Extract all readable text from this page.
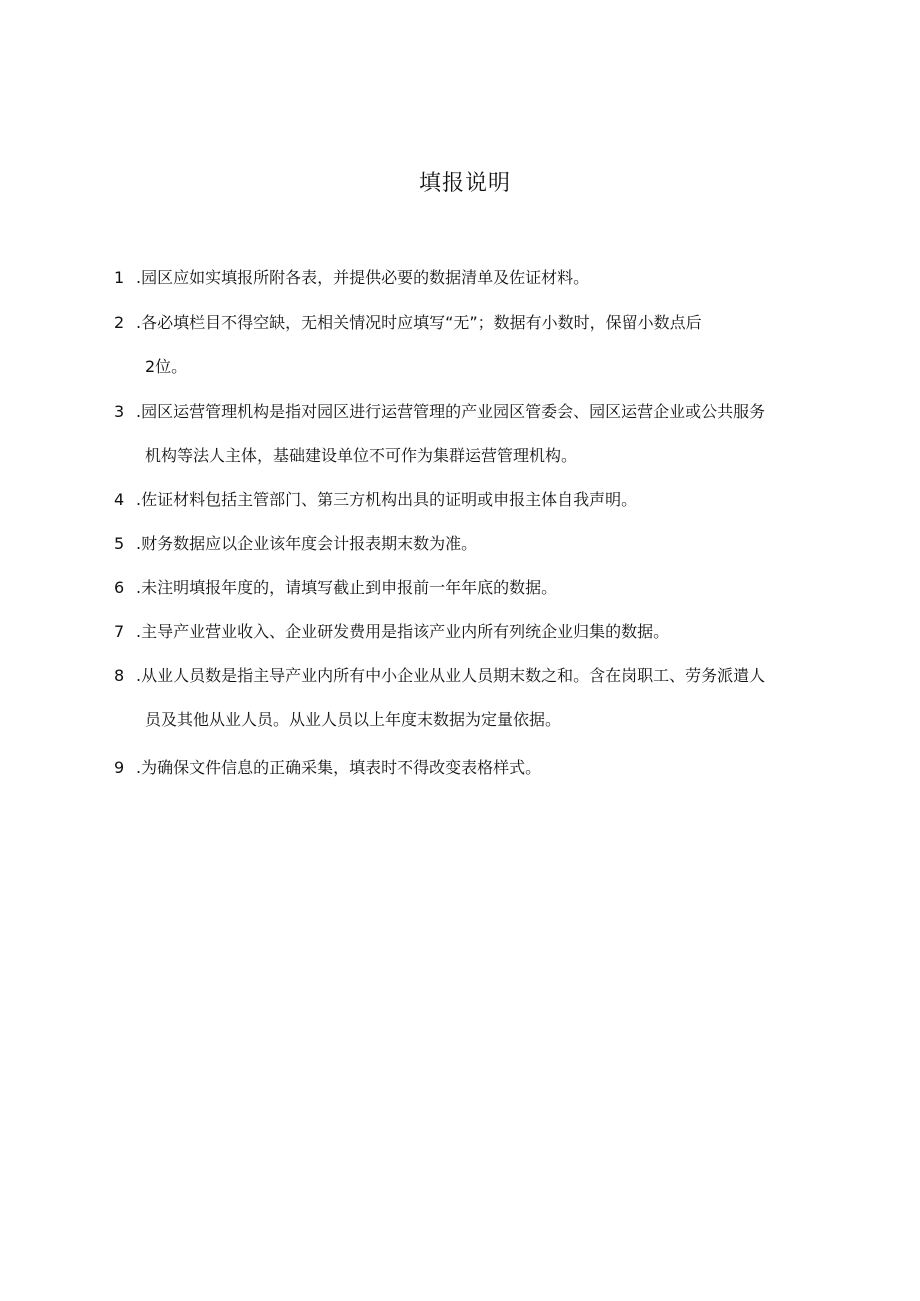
填报说明
1 .园区应如实填报所附各表，并提供必要的数据清单及佐证材料。
2 .各必填栏目不得空缺，无相关情况时应填写“无”；数据有小数时，保留小数点后
2位。
3 .园区运营管理机构是指对园区进行运营管理的产业园区管委会、园区运营企业或公共服务
机构等法人主体，基础建设单位不可作为集群运营管理机构。
4 .佐证材料包括主管部门、第三方机构出具的证明或申报主体自我声明。
5 .财务数据应以企业该年度会计报表期末数为准。
6 .未注明填报年度的，请填写截止到申报前一年年底的数据。
7 .主导产业营业收入、企业研发费用是指该产业内所有列统企业归集的数据。
8 .从业人员数是指主导产业内所有中小企业从业人员期末数之和。含在岗职工、劳务派遣人
员及其他从业人员。从业人员以上年度末数据为定量依据。
9 .为确保文件信息的正确采集，填表时不得改变表格样式。
